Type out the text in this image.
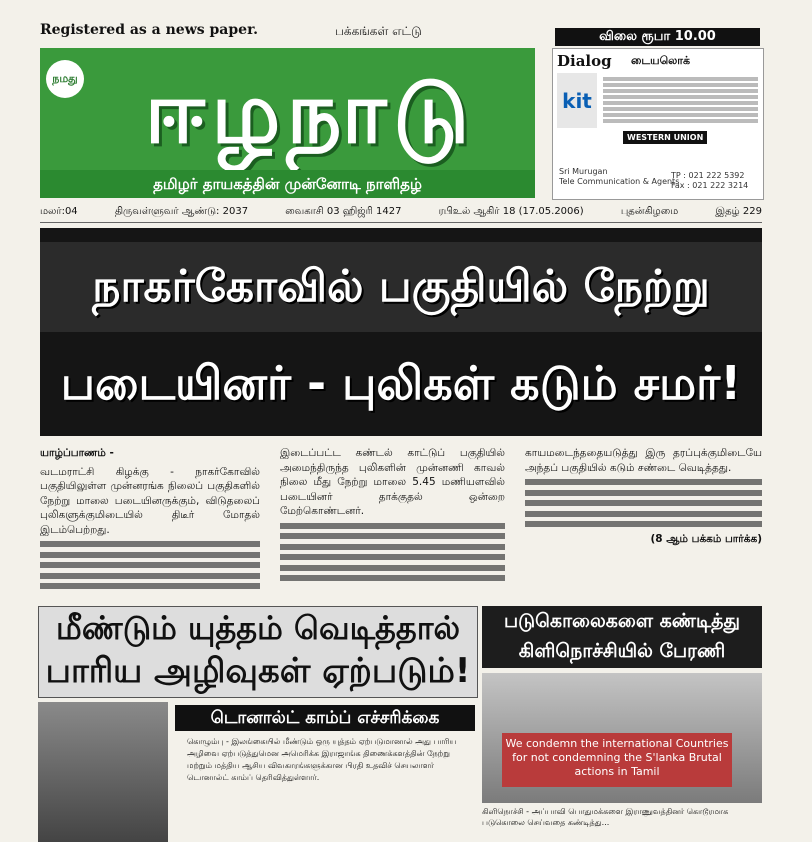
Registered as a news paper.	பக்கங்கள் எட்டு	விலை ரூபா 10.00
நமது ஈழநாடு
தமிழர் தாயகத்தின் முன்னோடி நாளிதழ்
Dialog டையலொக்
kit
WESTERN UNION
Sri Murugan
Tele Communication & Agents
TP : 021 222 5392
Fax : 021 222 3214
மலர்:04	திருவள்ளுவர் ஆண்டு: 2037	வைகாசி 03 ஹிஜ்ரி 1427	ரபிஉல் ஆகிர் 18 (17.05.2006)	புதன்கிழமை	இதழ் 229
நாகர்கோவில் பகுதியில் நேற்று
படையினர் - புலிகள் கடும் சமர்!
யாழ்ப்பாணம் -
வடமராட்சி கிழக்கு - நாகர்கோவில் பகுதியிலுள்ள முன்னரங்க நிலைப் பகுதிகளில் நேற்று மாலை படையினருக்கும், விடுதலைப் புலிகளுக்குமிடையில் திடீர் மோதல் இடம்பெற்றது.
இடைப்பட்ட கண்டல் காட்டுப் பகுதியில் அமைந்திருந்த புலிகளின் முன்னணி காவல் நிலை மீது நேற்று மாலை 5.45 மணியளவில் படையினர் தாக்குதல் ஒன்றை மேற்கொண்டனர்.
காயமடைந்ததையடுத்து இரு தரப்புக்குமிடையே அந்தப் பகுதியில் கடும் சண்டை வெடித்தது.
(8 ஆம் பக்கம் பார்க்க)
மீண்டும் யுத்தம் வெடித்தால்
பாரிய அழிவுகள் ஏற்படும்!
டொனால்ட் காம்ப் எச்சரிக்கை
கொழும்பு - இலங்கையில் மீண்டும் ஒரு யுத்தம் ஏற்படுமானால் அது பாரிய அழிவை ஏற்படுத்துமென அமெரிக்க இராஜாங்க திணைக்களத்தின் நேற்று மற்றும் மத்திய ஆசிய விவகாரங்களுக்கான பிரதி உதவிச் செயலாளர் டொனால்ட் காம்ப் தெரிவித்துள்ளார்.
படுகொலைகளை கண்டித்து
கிளிநொச்சியில் பேரணி
We condemn the international Countries for not condemning the S'lanka Brutal actions in Tamil
கிளிநொச்சி - அப்பாவி பொதுமக்களை இராணுவத்தினர் கொடூரமாக படுகொலை செய்வதை கண்டித்து...
